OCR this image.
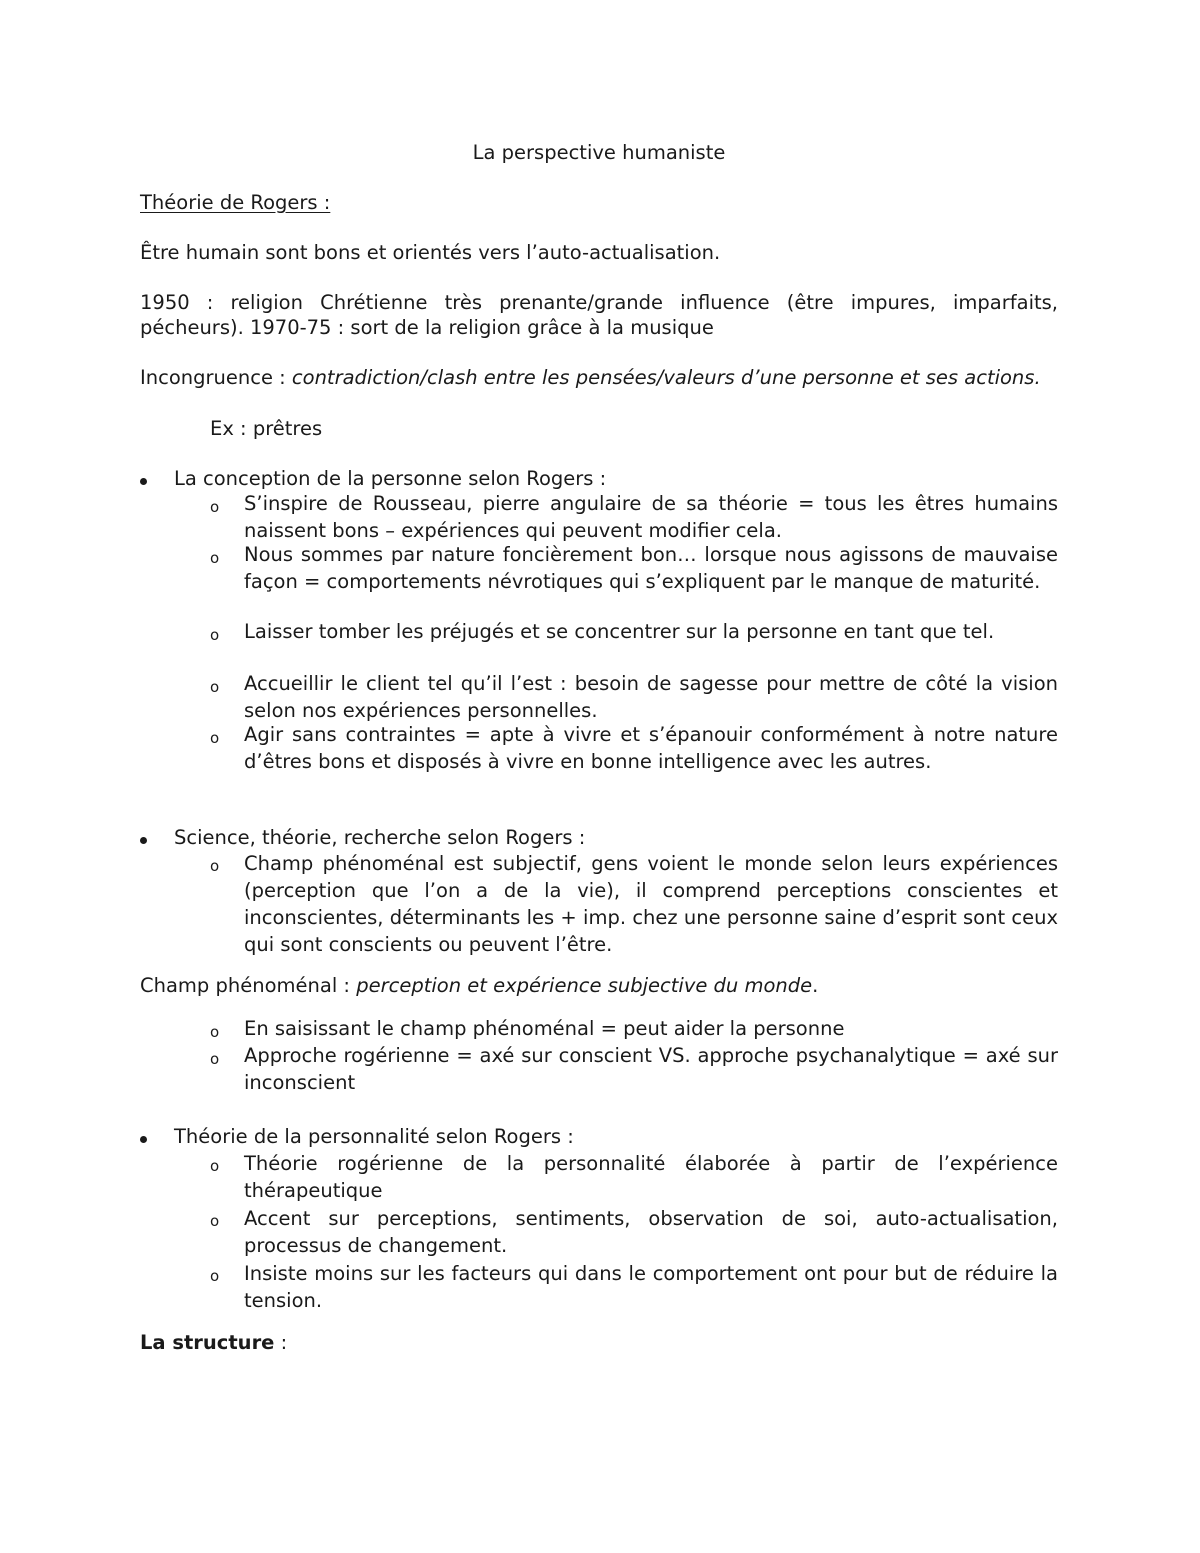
La perspective humaniste

Théorie de Rogers :

Être humain sont bons et orientés vers l’auto-actualisation.

1950 : religion Chrétienne très prenante/grande influence (être impures, imparfaits, pécheurs). 1970-75 : sort de la religion grâce à la musique

Incongruence : contradiction/clash entre les pensées/valeurs d’une personne et ses actions.

Ex : prêtres

La conception de la personne selon Rogers :
o S’inspire de Rousseau, pierre angulaire de sa théorie = tous les êtres humains naissent bons – expériences qui peuvent modifier cela.
o Nous sommes par nature foncièrement bon… lorsque nous agissons de mauvaise façon = comportements névrotiques qui s’expliquent par le manque de maturité.
o Laisser tomber les préjugés et se concentrer sur la personne en tant que tel.
o Accueillir le client tel qu’il l’est : besoin de sagesse pour mettre de côté la vision selon nos expériences personnelles.
o Agir sans contraintes = apte à vivre et s’épanouir conformément à notre nature d’êtres bons et disposés à vivre en bonne intelligence avec les autres.
Science, théorie, recherche selon Rogers :
o Champ phénoménal est subjectif, gens voient le monde selon leurs expériences (perception que l’on a de la vie), il comprend perceptions conscientes et inconscientes, déterminants les + imp. chez une personne saine d’esprit sont ceux qui sont conscients ou peuvent l’être.

Champ phénoménal : perception et expérience subjective du monde.

o En saisissant le champ phénoménal = peut aider la personne
o Approche rogérienne = axé sur conscient VS. approche psychanalytique = axé sur inconscient
Théorie de la personnalité selon Rogers :
o Théorie rogérienne de la personnalité élaborée à partir de l’expérience thérapeutique
o Accent sur perceptions, sentiments, observation de soi, auto-actualisation, processus de changement.
o Insiste moins sur les facteurs qui dans le comportement ont pour but de réduire la tension.

La structure :
